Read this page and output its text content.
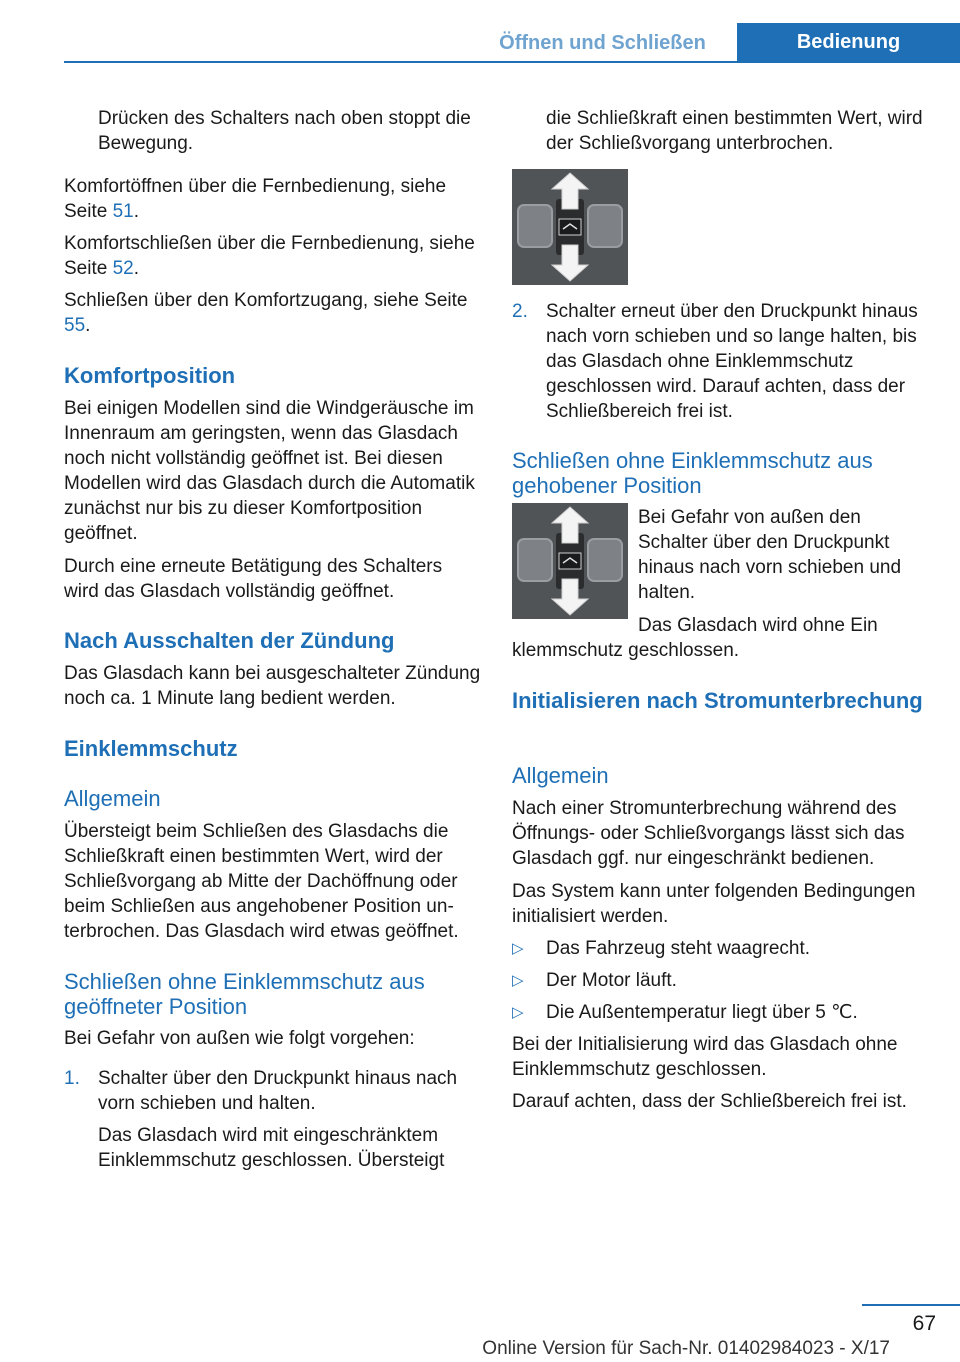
Öffnen und Schließen	Bedienung

Drücken des Schalters nach oben stoppt die Bewegung.

Komfortöffnen über die Fernbedienung, siehe Seite 51.

Komfortschließen über die Fernbedienung, siehe Seite 52.

Schließen über den Komfortzugang, siehe Seite 55.

Komfortposition

Bei einigen Modellen sind die Windgeräusche im Innenraum am geringsten, wenn das Glasdach noch nicht vollständig geöffnet ist. Bei diesen Modellen wird das Glasdach durch die Automatik zunächst nur bis zu dieser Komfortposition geöffnet.

Durch eine erneute Betätigung des Schalters wird das Glasdach vollständig geöffnet.

Nach Ausschalten der Zündung

Das Glasdach kann bei ausgeschalteter Zündung noch ca. 1 Minute lang bedient werden.

Einklemmschutz
Allgemein

Übersteigt beim Schließen des Glasdachs die Schließkraft einen bestimmten Wert, wird der Schließvorgang ab Mitte der Dachöffnung oder beim Schließen aus angehobener Position unterbrochen. Das Glasdach wird etwas geöffnet.

Schließen ohne Einklemmschutz aus geöffneter Position

Bei Gefahr von außen wie folgt vorgehen:

1. Schalter über den Druckpunkt hinaus nach vorn schieben und halten.

Das Glasdach wird mit eingeschränktem Einklemmschutz geschlossen. Übersteigt

die Schließkraft einen bestimmten Wert, wird der Schließvorgang unterbrochen.

2. Schalter erneut über den Druckpunkt hinaus nach vorn schieben und so lange halten, bis das Glasdach ohne Einklemmschutz geschlossen wird. Darauf achten, dass der Schließbereich frei ist.

Schließen ohne Einklemmschutz aus gehobener Position

Bei Gefahr von außen den Schalter über den Druckpunkt hinaus nach vorn schieben und halten.

Das Glasdach wird ohne Ein

klemmschutz geschlossen.

Initialisieren nach Stromunterbrechung
Allgemein

Nach einer Stromunterbrechung während des Öffnungs- oder Schließvorgangs lässt sich das Glasdach ggf. nur eingeschränkt bedienen.

Das System kann unter folgenden Bedingungen initialisiert werden.

▷	Das Fahrzeug steht waagrecht.

▷	Der Motor läuft.

▷	Die Außentemperatur liegt über 5 ℃.

Bei der Initialisierung wird das Glasdach ohne Einklemmschutz geschlossen.

Darauf achten, dass der Schließbereich frei ist.

67
Online Version für Sach-Nr. 01402984023 - X/17
